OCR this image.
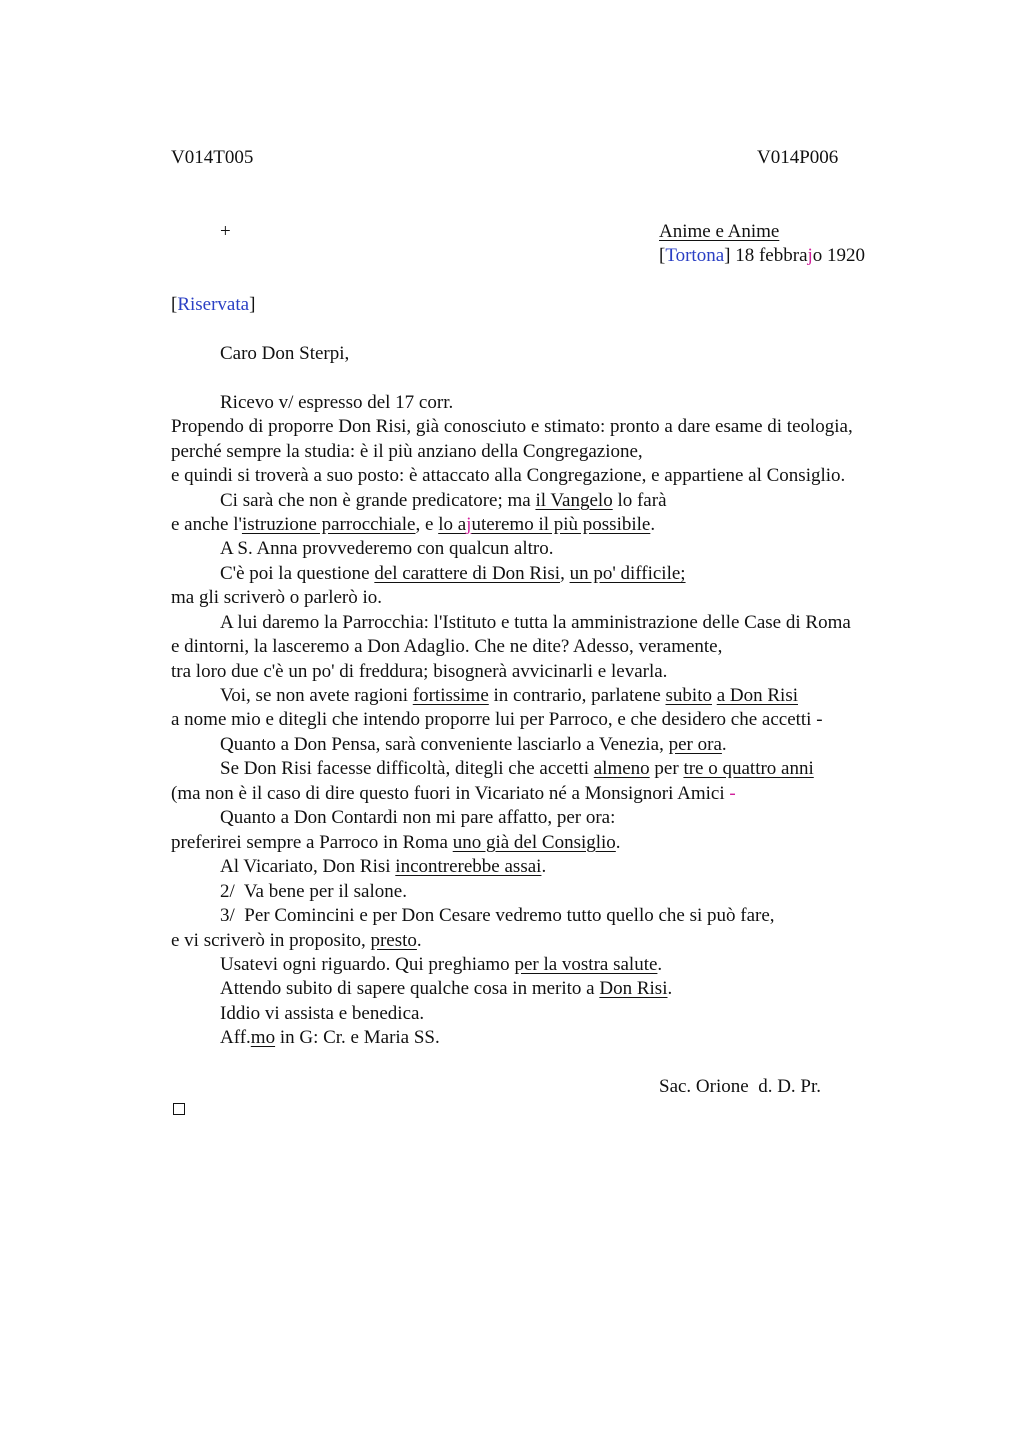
V014T005	V014P006
+	Anime e Anime
[Tortona] 18 febbrajo 1920
[Riservata]
Caro Don Sterpi,
Ricevo v/ espresso del 17 corr.
Propendo di proporre Don Risi, già conosciuto e stimato: pronto a dare esame di teologia,
perché sempre la studia: è il più anziano della Congregazione,
e quindi si troverà a suo posto: è attaccato alla Congregazione, e appartiene al Consiglio.
Ci sarà che non è grande predicatore; ma il Vangelo lo farà
e anche l'istruzione parrocchiale, e lo ajuteremo il più possibile.
A S. Anna provvederemo con qualcun altro.
C'è poi la questione del carattere di Don Risi, un po' difficile;
ma gli scriverò o parlerò io.
A lui daremo la Parrocchia: l'Istituto e tutta la amministrazione delle Case di Roma
e dintorni, la lasceremo a Don Adaglio. Che ne dite? Adesso, veramente,
tra loro due c'è un po' di freddura; bisognerà avvicinarli e levarla.
Voi, se non avete ragioni fortissime in contrario, parlatene subito a Don Risi
a nome mio e ditegli che intendo proporre lui per Parroco, e che desidero che accetti -
Quanto a Don Pensa, sarà conveniente lasciarlo a Venezia, per ora.
Se Don Risi facesse difficoltà, ditegli che accetti almeno per tre o quattro anni
(ma non è il caso di dire questo fuori in Vicariato né a Monsignori Amici -
Quanto a Don Contardi non mi pare affatto, per ora:
preferirei sempre a Parroco in Roma uno già del Consiglio.
Al Vicariato, Don Risi incontrerebbe assai.
2/  Va bene per il salone.
3/  Per Comincini e per Don Cesare vedremo tutto quello che si può fare,
e vi scriverò in proposito, presto.
Usatevi ogni riguardo. Qui preghiamo per la vostra salute.
Attendo subito di sapere qualche cosa in merito a Don Risi.
Iddio vi assista e benedica.
Aff.mo in G: Cr. e Maria SS.
Sac. Orione  d. D. Pr.
